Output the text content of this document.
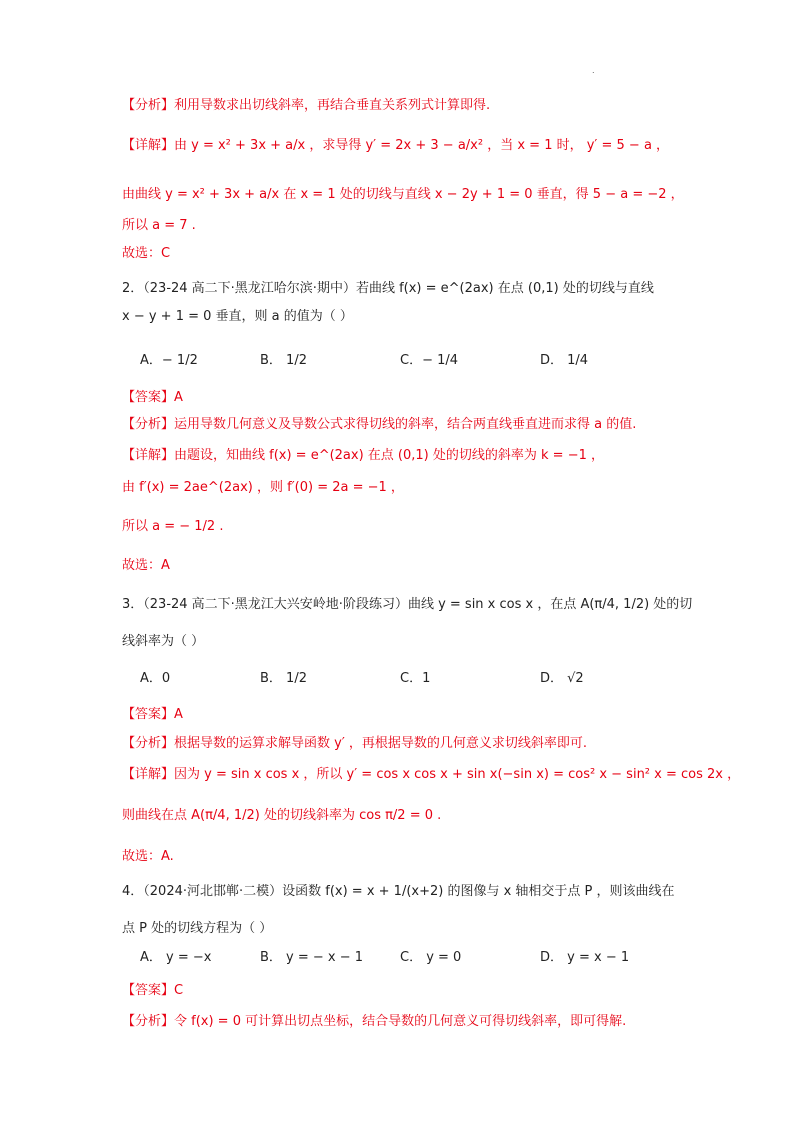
.
【分析】利用导数求出切线斜率，再结合垂直关系列式计算即得.
【详解】由 y = x² + 3x + a/x ，求导得 y′ = 2x + 3 − a/x² ，当 x = 1 时， y′ = 5 − a ，
由曲线 y = x² + 3x + a/x 在 x = 1 处的切线与直线 x − 2y + 1 = 0 垂直，得 5 − a = −2 ，
所以 a = 7 .
故选：C
2．（23-24 高二下·黑龙江哈尔滨·期中）若曲线 f(x) = e^(2ax) 在点 (0,1) 处的切线与直线
x − y + 1 = 0 垂直，则 a 的值为（ ）
A．− 1/2	B． 1/2	C．− 1/4	D． 1/4
【答案】A
【分析】运用导数几何意义及导数公式求得切线的斜率，结合两直线垂直进而求得 a 的值.
【详解】由题设，知曲线 f(x) = e^(2ax) 在点 (0,1) 处的切线的斜率为 k = −1 ，
由 f′(x) = 2ae^(2ax) ，则 f′(0) = 2a = −1 ，
所以 a = − 1/2 .
故选：A
3．（23-24 高二下·黑龙江大兴安岭地·阶段练习）曲线 y = sin x cos x ，在点 A(π/4, 1/2) 处的切
线斜率为（ ）
A．0	B． 1/2	C．1	D． √2
【答案】A
【分析】根据导数的运算求解导函数 y′ ，再根据导数的几何意义求切线斜率即可.
【详解】因为 y = sin x cos x ，所以 y′ = cos x cos x + sin x(−sin x) = cos² x − sin² x = cos 2x ，
则曲线在点 A(π/4, 1/2) 处的切线斜率为 cos π/2 = 0 .
故选：A.
4．（2024·河北邯郸·二模）设函数 f(x) = x + 1/(x+2) 的图像与 x 轴相交于点 P ，则该曲线在
点 P 处的切线方程为（ ）
A． y = −x	B． y = − x − 1	C． y = 0	D． y = x − 1
【答案】C
【分析】令 f(x) = 0 可计算出切点坐标，结合导数的几何意义可得切线斜率，即可得解.
